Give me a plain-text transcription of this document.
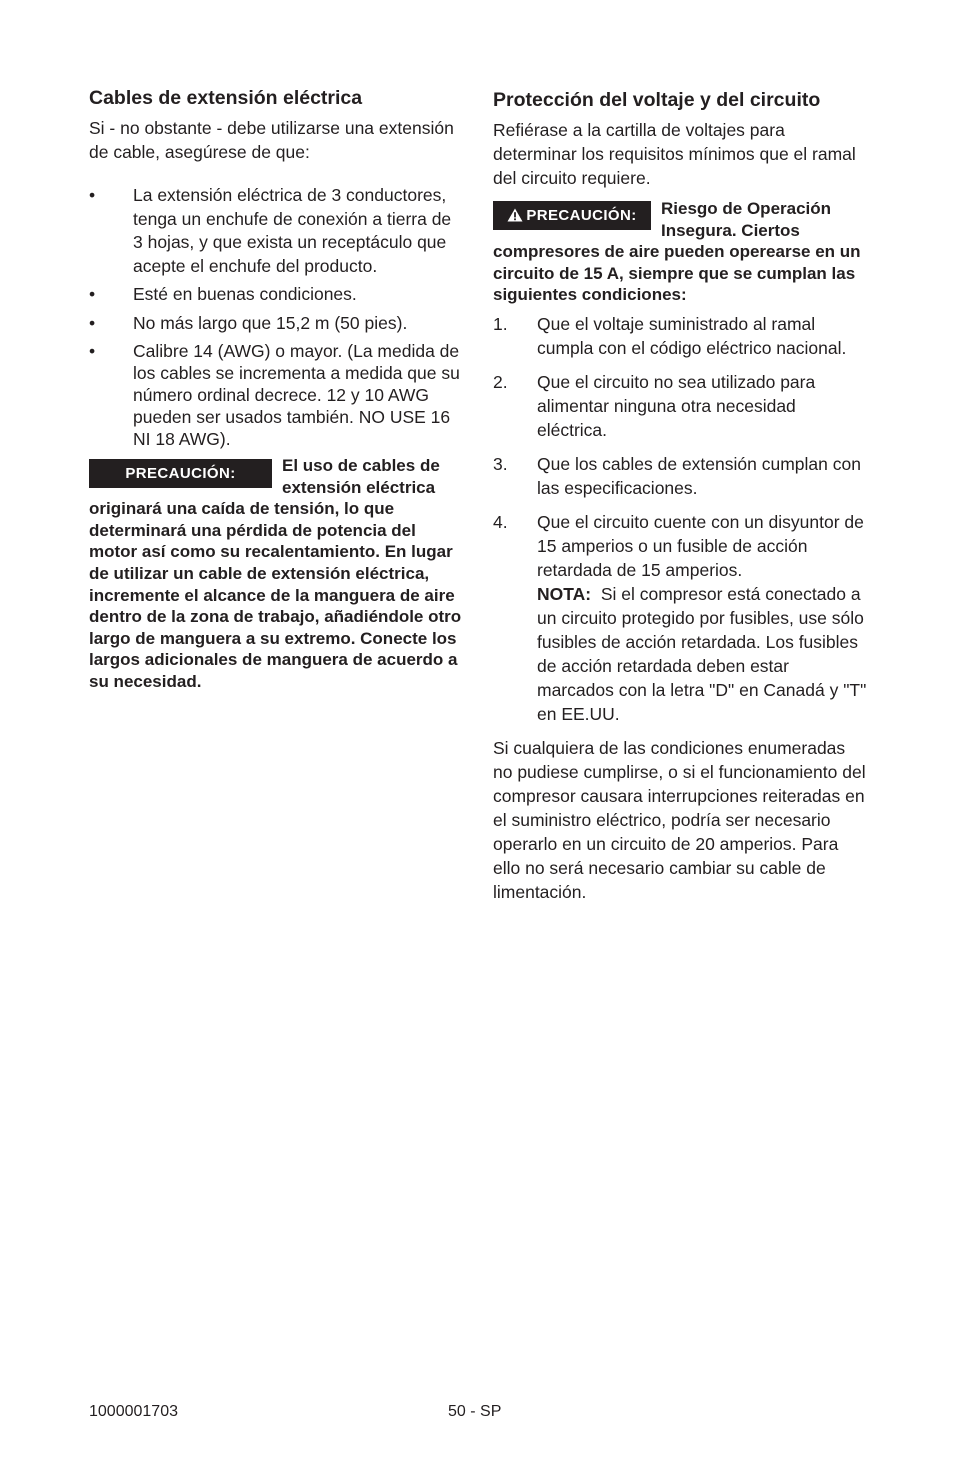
Cables de extensión eléctrica

Si - no obstante - debe utilizarse una extensión de cable, asegúrese de que:

•	La extensión eléctrica de 3 conductores, tenga un enchufe de conexión a tierra de 3 hojas, y que exista un receptáculo que acepte el enchufe del producto.
•	Esté en buenas condiciones.
•	No más largo que 15,2 m (50 pies).
•	Calibre 14 (AWG) o mayor. (La medida de los cables se incrementa a medida que su número ordinal decrece. 12 y 10 AWG pueden ser usados también. NO USE 16 NI 18 AWG).
PRECAUCIÓN:	El uso de cables de extensión eléctrica originará una caída de tensión, lo que determinará una pérdida de potencia del motor así como su recalentamiento. En lugar de utilizar un cable de extensión eléctrica, incremente el alcance de la manguera de aire dentro de la zona de trabajo, añadiéndole otro largo de manguera a su extremo. Conecte los largos adicionales de manguera de acuerdo a su necesidad.
Protección del voltaje y del circuito

Refiérase a la cartilla de voltajes para determinar los requisitos mínimos que el ramal del circuito requiere.

PRECAUCIÓN:	Riesgo de Operación Insegura. Ciertos compresores de aire pueden operearse en un circuito de 15 A, siempre que se cumplan las siguientes condiciones:
1. Que el voltaje suministrado al ramal cumpla con el código eléctrico nacional.
2. Que el circuito no sea utilizado para alimentar ninguna otra necesidad eléctrica.
3. Que los cables de extensión cumplan con las especificaciones.
4. Que el circuito cuente con un disyuntor de 15 amperios o un fusible de acción retardada de 15 amperios.
NOTA: Si el compresor está conectado a un circuito protegido por fusibles, use sólo fusibles de acción retardada. Los fusibles de acción retardada deben estar marcados con la letra "D" en Canadá y "T" en EE.UU.

Si cualquiera de las condiciones enumeradas no pudiese cumplirse, o si el funcionamiento del compresor causara interrupciones reiteradas en el suministro eléctrico, podría ser necesario operarlo en un circuito de 20 amperios. Para ello no será necesario cambiar su cable de limentación.

1000001703	50 - SP
